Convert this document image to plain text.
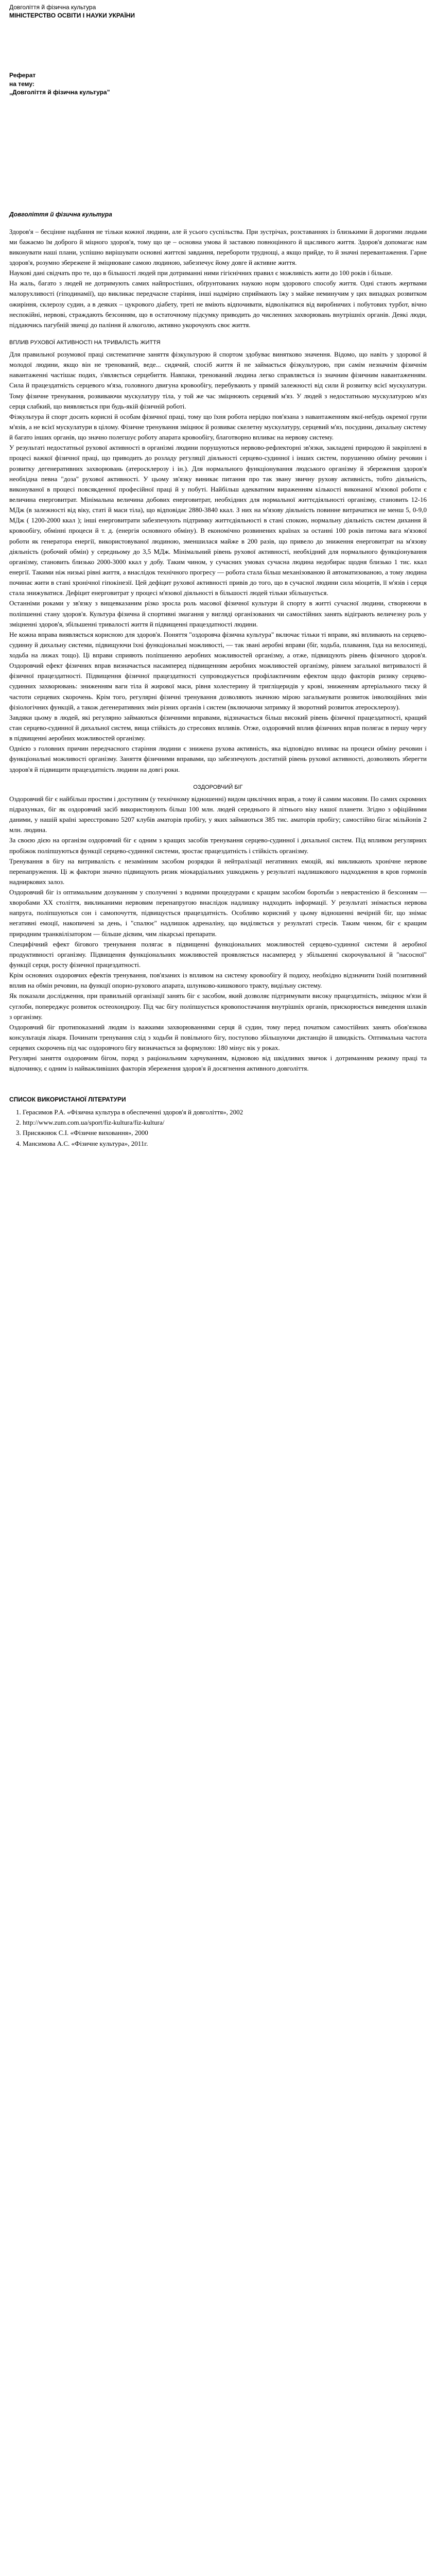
Довголіття й фізична культура
МІНІСТЕРСТВО ОСВІТИ І НАУКИ УКРАЇНИ
Реферат
на тему:
„Довголіття й фізична культура”
Довголіття й фізична культура

Здоров'я – бесцінне надбання не тільки кожної людини, але й усього суспільства. При зустрічах, розставаннях із близькими й дорогими людьми ми бажаємо їм доброго й міцного здоров'я, тому що це – основна умова й заставою повноцінного й щасливого життя. Здоров'я допомагає нам виконувати наші плани, успішно вирішувати основні життєві завдання, перебороти труднощі, а якщо прийде, то й значні перевантаження. Гарне здоров'я, розумно збережене й зміцнюване самою людиною, забезпечує йому довге й активне життя.

Наукові дані свідчать про те, що в більшості людей при дотриманні ними гігієнічних правил є можливість жити до 100 років і більше.

На жаль, багато з людей не дотримують самих найпростіших, обґрунтованих наукою норм здорового способу життя. Одні стають жертвами малорухливості (гіподинамії), що викликає передчасне старіння, інші надмірно сприймають їжу з майже неминучим у цих випадках розвитком ожиріння, склерозу судин, а в деяких – цукрового діабету, третi не вміють відпочивати, відволікатися від виробничих і побутових турбот, вічно неспокійні, нервові, страждають безсонням, що в остаточному підсумку приводить до численних захворювань внутрішніх органів. Деякі люди, піддаючись пагубній звичці до паління й алкоголю, активно укорочують своє життя.

ВПЛИВ РУХОВОЇ АКТИВНОСТІ НА ТРИВАЛІСТЬ ЖИТТЯ

Для правильної розумової праці систематичне заняття фізкультурою й спортом здобуває винятково значення. Відомо, що навіть у здорової й молодої людини, якщо він не тренований, веде... сидячий, спосіб життя й не займається фізкультурою, при самім незначнім фізичнім навантаженні частішає подих, з'являється серцебиття. Навпаки, тренований людина легко справляється із значним фізичним навантаженням. Сила й працездатність серцевого м'яза, головного двигуна кровообігу, перебувають у прямій залежності від сили й розвитку всієї мускулатури. Тому фізичне тренування, розвиваючи мускулатуру тіла, у той же час зміцнюють серцевий м'яз. У людей з недостатньою мускулатурою м'яз серця слабкий, що виявляється при будь-якій фізичній роботі.

Фізкультура й спорт досить корисні й особам фізичної праці, тому що їхня робота нерідко пов'язана з навантаженням якої-небудь окремої групи м'язів, а не всієї мускулатури в цілому. Фізичне тренування зміцнює й розвиває скелетну мускулатуру, серцевий м'яз, посудини, дихальну систему й багато інших органів, що значно полегшує роботу апарата кровообігу, благотворно впливає на нервову систему.

У результаті недостатньої рухової активності в організмі людини порушуються нервово-рефлекторні зв'язки, закладені природою й закріплені в процесі важкої фізичної праці, що приводить до розладу регуляції діяльності серцево-судинної і інших систем, порушенню обміну речовин і розвитку дегенеративних захворювань (атеросклерозу і ін.). Для нормального функціонування людського організму й збереження здоров'я необхідна певна "доза" рухової активності. У цьому зв'язку виникає питання про так звану звичну рухову активність, тобто діяльність, виконуваної в процесі повсякденної професійної праці й у побуті. Найбільш адекватним вираженням кількості виконаної м'язової роботи є величина енерговитрат. Мінімальна величина добових енерговитрат, необхідних для нормальної життєдіяльності організму, становить 12-16 МДж (в залежності від віку, статі й маси тіла), що відповідає 2880-3840 ккал. З них на м'язову діяльність повинне витрачатися не менш 5, 0-9,0 МДж ( 1200-2000 ккал ); інші енерговитрати забезпечують підтримку життєдіяльності в стані спокою, нормальну діяльність систем дихання й кровообігу, обмінні процеси й т. д. (енергія основного обміну). В економічно розвинених країнах за останні 100 років питома вага м'язової роботи як генератора енергії, використовуваної людиною, зменшилася майже в 200 разів, що привело до зниження енерговитрат на м'язову діяльність (робочий обмін) у середньому до 3,5 МДж. Мінімальний рівень рухової активності, необхідний для нормального функціонування організму, становить близько 2000-3000 ккал у добу. Таким чином, у сучасних умовах сучасна людина недобирає щодня близько 1 тис. ккал енергії. Такими ніж низькі рівні життя, а внаслідок технічного прогресу — робота стала більш механізованою й автоматизованою, а тому людина починає жити в стані хронічної гіпокінезії. Цей дефіцит рухової активності привів до того, що в сучасної людини сила міоцитів, її м'язів і серця стала знижуватися. Дефіцит енерговитрат у процесі м'язової діяльності в більшості людей тільки збільшується.

Останніми роками у зв'язку з вищевказаним різко зросла роль масової фізичної культури й спорту в житті сучасної людини, створюючи в поліпшенні стану здоров'я. Культура фізична й спортивні змагання у вигляді організованих чи самостійних занять відіграють величезну роль у зміцненні здоров'я, збільшенні тривалості життя й підвищенні працездатності людини.

Не кожна вправа виявляється корисною для здоров'я. Поняття "оздоровча фізична культура" включає тільки ті вправи, які впливають на серцево-судинну й дихальну системи, підвищуючи їхні функціональні можливості, — так звані аеробні вправи (біг, ходьба, плавання, їзда на велосипеді, ходьба на лижах тощо). Ці вправи сприяють поліпшенню аеробних можливостей організму, а отже, підвищують рівень фізичного здоров'я. Оздоровчий ефект фізичних вправ визначається насамперед підвищенням аеробних можливостей організму, рівнем загальної витривалості й фізичної працездатності. Підвищення фізичної працездатності супроводжується профілактичним ефектом щодо факторів ризику серцево-судинних захворювань: зниженням ваги тіла й жирової маси, рівня холестерину й тригліцеридів у крові, зниженням артеріального тиску й частоти серцевих скорочень. Крім того, регулярні фізичні тренування дозволяють значною мірою загальмувати розвиток інволюційних змін фізіологічних функцій, а також дегенеративних змін різних органів і систем (включаючи затримку й зворотний розвиток атеросклерозу).

Завдяки цьому в людей, які регулярно займаються фізичними вправами, відзначається більш високий рівень фізичної працездатності, кращий стан серцево-судинної й дихальної систем, вища стійкість до стресових впливів. Отже, оздоровчий вплив фізичних вправ полягає в першу чергу в підвищенні аеробних можливостей організму.

Однією з головних причин передчасного старіння людини є знижена рухова активність, яка відповідно впливає на процеси обміну речовин і функціональні можливості організму. Заняття фізичними вправами, що забезпечують достатній рівень рухової активності, дозволяють зберегти здоров'я й підвищити працездатність людини на довгі роки.

ОЗДОРОВЧИЙ БІГ

Оздоровчий біг є найбільш простим і доступним (у технічному відношенні) видом циклічних вправ, а тому й самим масовим. По самих скромних підрахунках, біг як оздоровчий засіб використовують більш 100 млн. людей середнього й літнього віку нашої планети. Згідно з офіційними даними, у нашій країні зареєстровано 5207 клубів аматорів пробігу, у яких займаються 385 тис. аматорів пробігу; самостійно бігає мільйонів 2 млн. людина.

За своєю дією на організм оздоровчий біг є одним з кращих засобів тренування серцево-судинної і дихальної систем. Під впливом регулярних пробіжок поліпшуються функції серцево-судинної системи, зростає працездатність і стійкість організму.

Тренування в бігу на витривалість є незамінним засобом розрядки й нейтралізації негативних емоцій, які викликають хронічне нервове перенапруження. Ці ж фактори значно підвищують ризик міокардіальних ушкоджень у результаті надлишкового надходження в кров гормонів надниркових залоз.

Оздоровчий біг із оптимальним дозуванням у сполученні з водними процедурами є кращим засобом боротьби з неврастенією й безсонням — хворобами XX століття, викликаними нервовим перенапругою внаслідок надлишку надходить інформації. У результаті знімається нервова напруга, поліпшуються сон і самопочуття, підвищується працездатність. Особливо корисний у цьому відношенні вечірній біг, що знімає негативні емоції, накопичені за день, і "спалює" надлишок адреналіну, що виділяється у результаті стресів. Таким чином, біг є кращим природним транквілізатором — більше дієвим, чим лікарські препарати.

Специфічний ефект бігового тренування полягає в підвищенні функціональних можливостей серцево-судинної системи й аеробної продуктивності організму. Підвищення функціональних можливостей проявляється насамперед у збільшенні скорочувальної й "насосної" функції серця, росту фізичної працездатності.

Крім оснoвних оздоровчих ефектів тренування, пов'язаних із впливом на систему кровообігу й подиху, необхідно відзначити їхній позитивний вплив на обмін речовин, на функції опорно-рухового апарата, шлунково-кишкового тракту, видільну систему.

Як показали дослідження, при правильній організації занять біг є засобом, який дозволяє підтримувати високу працездатність, зміцнює м'язи й суглоби, попереджує розвиток остеохондрозу. Під час бігу поліпшується кровопостачання внутрішніх органів, прискорюється виведення шлаків з організму.

Оздоровчий біг протипоказаний людям із важкими захворюваннями серця й судин, тому перед початком самостійних занять обов'язкова консультація лікаря. Починати тренування слід з ходьби й повільного бігу, поступово збільшуючи дистанцію й швидкість. Оптимальна частота серцевих скорочень під час оздоровчого бігу визначається за формулою: 180 мінус вік у роках.

Регулярні заняття оздоровчим бігом, поряд з раціональним харчуванням, відмовою від шкідливих звичок і дотриманням режиму праці та відпочинку, є одним із найважливіших факторів збереження здоров'я й досягнення активного довголіття.

СПИСОК ВИКОРИСТАНОЇ ЛІТЕРАТУРИ
1. Герасимов Р.А. «Фізична культура в обеспеченні здоров'я й довголіття», 2002
2. http://www.zum.com.ua/sport/fiz-kultura/fiz-kultura/
3. Присяжнюк С.І. «Фізичне виховання», 2000
4. Мансимова А.С. «Фізичне культура», 2011г.
